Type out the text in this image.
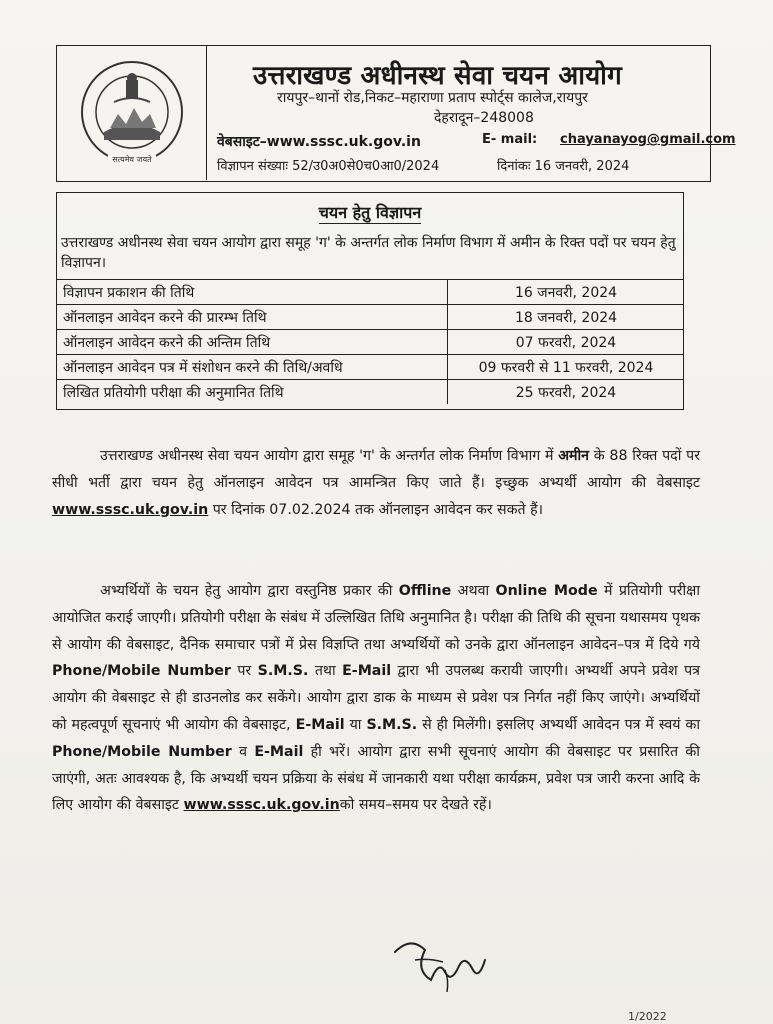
सत्यमेव जयते
उत्तराखण्ड अधीनस्थ सेवा चयन आयोग
रायपुर–थानों रोड,निकट–महाराणा प्रताप स्पोर्ट्स कालेज,रायपुर
देहरादून–248008
वेबसाइट–www.sssc.uk.gov.in	E- mail: chayanayog@gmail.com
विज्ञापन संख्याः 52/उ0अ0से0च0आ0/2024	दिनांकः 16 जनवरी, 2024
चयन हेतु विज्ञापन
उत्तराखण्ड अधीनस्थ सेवा चयन आयोग द्वारा समूह 'ग' के अन्तर्गत लोक निर्माण विभाग में अमीन के रिक्त पदों पर चयन हेतु विज्ञापन।
विज्ञापन प्रकाशन की तिथि	16 जनवरी, 2024
ऑनलाइन आवेदन करने की प्रारम्भ तिथि	18 जनवरी, 2024
ऑनलाइन आवेदन करने की अन्तिम तिथि	07 फरवरी, 2024
ऑनलाइन आवेदन पत्र में संशोधन करने की तिथि/अवधि	09 फरवरी से 11 फरवरी, 2024
लिखित प्रतियोगी परीक्षा की अनुमानित तिथि	25 फरवरी, 2024
उत्तराखण्ड अधीनस्थ सेवा चयन आयोग द्वारा समूह 'ग' के अन्तर्गत लोक निर्माण विभाग में अमीन के 88 रिक्त पदों पर सीधी भर्ती द्वारा चयन हेतु ऑनलाइन आवेदन पत्र आमन्त्रित किए जाते हैं। इच्छुक अभ्यर्थी आयोग की वेबसाइट www.sssc.uk.gov.in पर दिनांक 07.02.2024 तक ऑनलाइन आवेदन कर सकते हैं।
अभ्यर्थियों के चयन हेतु आयोग द्वारा वस्तुनिष्ठ प्रकार की Offline अथवा Online Mode में प्रतियोगी परीक्षा आयोजित कराई जाएगी। प्रतियोगी परीक्षा के संबंध में उल्लिखित तिथि अनुमानित है। परीक्षा की तिथि की सूचना यथासमय पृथक से आयोग की वेबसाइट, दैनिक समाचार पत्रों में प्रेस विज्ञप्ति तथा अभ्यर्थियों को उनके द्वारा ऑनलाइन आवेदन–पत्र में दिये गये Phone/Mobile Number पर S.M.S. तथा E-Mail द्वारा भी उपलब्ध करायी जाएगी। अभ्यर्थी अपने प्रवेश पत्र आयोग की वेबसाइट से ही डाउनलोड कर सकेंगे। आयोग द्वारा डाक के माध्यम से प्रवेश पत्र निर्गत नहीं किए जाएंगे। अभ्यर्थियों को महत्वपूर्ण सूचनाएं भी आयोग की वेबसाइट, E-Mail या S.M.S. से ही मिलेंगी। इसलिए अभ्यर्थी आवेदन पत्र में स्वयं का Phone/Mobile Number व E-Mail ही भरें। आयोग द्वारा सभी सूचनाएं आयोग की वेबसाइट पर प्रसारित की जाएंगी, अतः आवश्यक है, कि अभ्यर्थी चयन प्रक्रिया के संबंध में जानकारी यथा परीक्षा कार्यक्रम, प्रवेश पत्र जारी करना आदि के लिए आयोग की वेबसाइट www.sssc.uk.gov.inको समय–समय पर देखते रहें।
1/2022
